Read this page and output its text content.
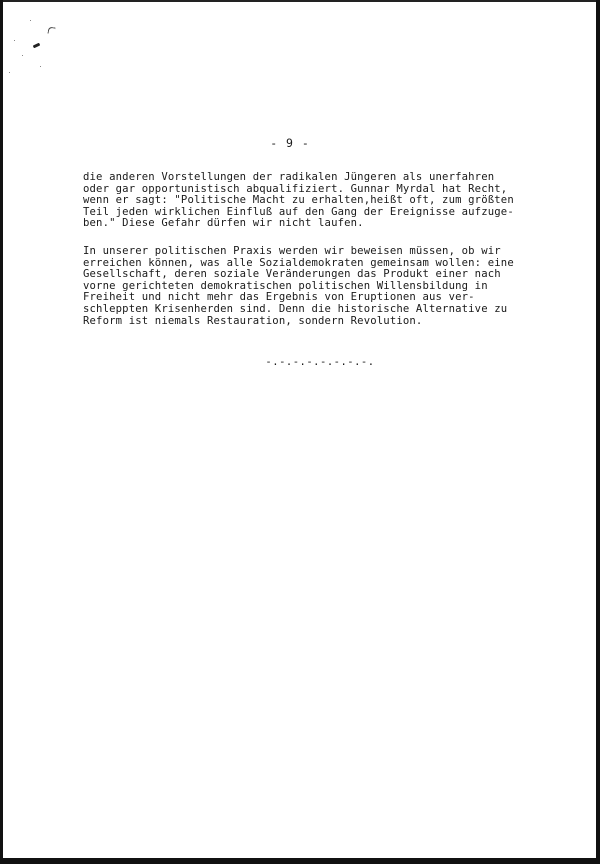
- 9 -
die anderen Vorstellungen der radikalen Jüngeren als unerfahren
oder gar opportunistisch abqualifiziert. Gunnar Myrdal hat Recht,
wenn er sagt: "Politische Macht zu erhalten,heißt oft, zum größten
Teil jeden wirklichen Einfluß auf den Gang der Ereignisse aufzuge-
ben." Diese Gefahr dürfen wir nicht laufen.
In unserer politischen Praxis werden wir beweisen müssen, ob wir
erreichen können, was alle Sozialdemokraten gemeinsam wollen: eine
Gesellschaft, deren soziale Veränderungen das Produkt einer nach
vorne gerichteten demokratischen politischen Willensbildung in
Freiheit und nicht mehr das Ergebnis von Eruptionen aus ver-
schleppten Krisenherden sind. Denn die historische Alternative zu
Reform ist niemals Restauration, sondern Revolution.
-.-.-.-.-.-.-.-.
